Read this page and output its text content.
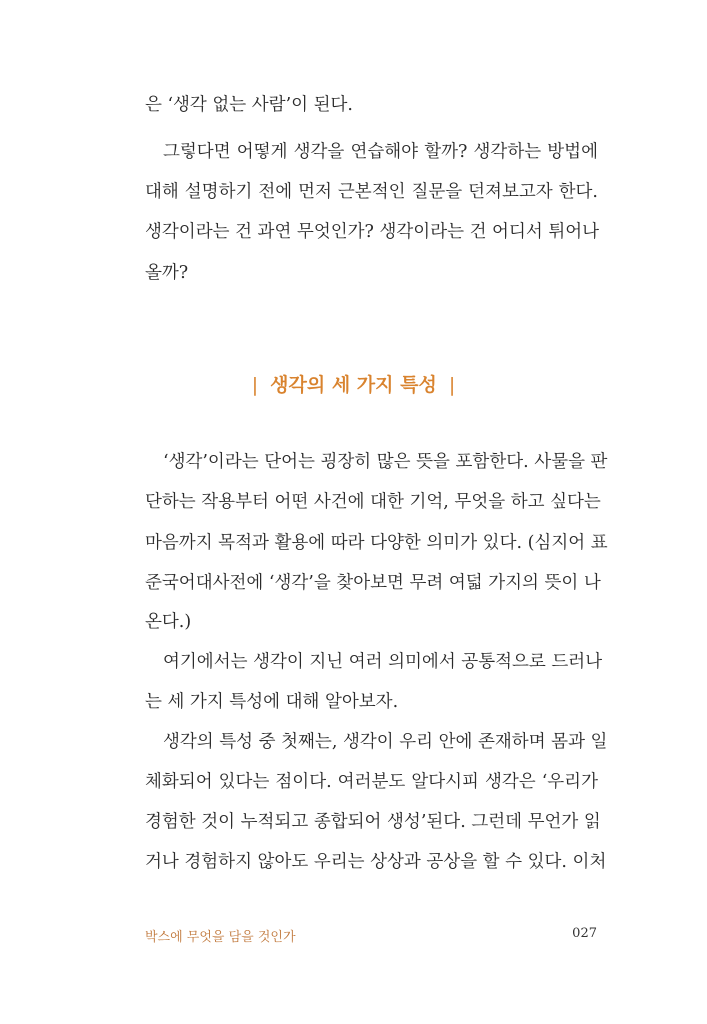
은 ‘생각 없는 사람’이 된다.
그렇다면 어떻게 생각을 연습해야 할까? 생각하는 방법에
대해 설명하기 전에 먼저 근본적인 질문을 던져보고자 한다.
생각이라는 건 과연 무엇인가? 생각이라는 건 어디서 튀어나
올까?
| 생각의 세 가지 특성 |
‘생각’이라는 단어는 굉장히 많은 뜻을 포함한다. 사물을 판
단하는 작용부터 어떤 사건에 대한 기억, 무엇을 하고 싶다는
마음까지 목적과 활용에 따라 다양한 의미가 있다. (심지어 표
준국어대사전에 ‘생각’을 찾아보면 무려 여덟 가지의 뜻이 나
온다.)
여기에서는 생각이 지닌 여러 의미에서 공통적으로 드러나
는 세 가지 특성에 대해 알아보자.
생각의 특성 중 첫째는, 생각이 우리 안에 존재하며 몸과 일
체화되어 있다는 점이다. 여러분도 알다시피 생각은 ‘우리가
경험한 것이 누적되고 종합되어 생성’된다. 그런데 무언가 읽
거나 경험하지 않아도 우리는 상상과 공상을 할 수 있다. 이처
박스에 무엇을 담을 것인가	027
